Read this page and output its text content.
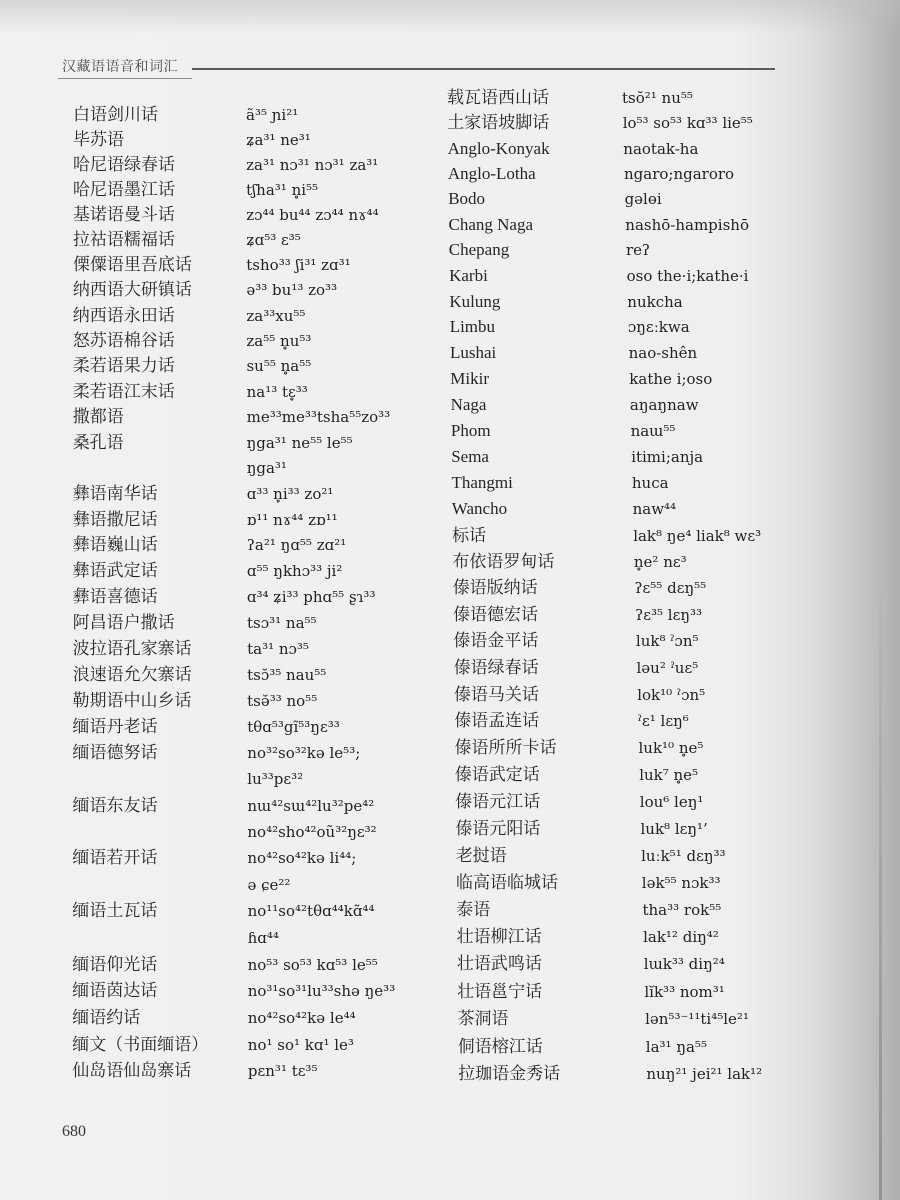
汉藏语语音和词汇
白语剑川话	ã³⁵ ɲi²¹
毕苏语	ʑa³¹ ne³¹
哈尼语绿春话	za³¹ nɔ³¹ nɔ³¹ za³¹
哈尼语墨江话	tʃha³¹ n̥i⁵⁵
基诺语曼斗话	zɔ⁴⁴ bu⁴⁴ zɔ⁴⁴ nɤ⁴⁴
拉祜语糯福话	ʑɑ⁵³ ɛ³⁵
傈僳语里吾底话	tsho³³ ʃi³¹ zɑ³¹
纳西语大研镇话	ə³³ bu¹³ zo³³
纳西语永田话	za³³xu⁵⁵
怒苏语棉谷话	za⁵⁵ n̥u⁵³
柔若语果力话	su⁵⁵ n̥a⁵⁵
柔若语江末话	na¹³ tɛ̥³³
撒都语	me³³me³³tsha⁵⁵zo³³
桑孔语	ŋga³¹ ne⁵⁵ le⁵⁵
ŋga³¹
彝语南华话	ɑ³³ n̥i³³ zo²¹
彝语撒尼话	ɒ¹¹ nɤ⁴⁴ zɒ¹¹
彝语巍山话	ʔa²¹ ŋɑ⁵⁵ zɑ²¹
彝语武定话	ɑ⁵⁵ ŋkhɔ³³ ji²
彝语喜德话	ɑ³⁴ ʑi³³ phɑ⁵⁵ ʂɿ³³
阿昌语户撒话	tsɔ³¹ na⁵⁵
波拉语孔家寨话	ta³¹ nɔ³⁵
浪速语允欠寨话	tsɔ̆³⁵ nau⁵⁵
勒期语中山乡话	tsə̆³³ no⁵⁵
缅语丹老话	tθɑ⁵³gĩ⁵³ŋɛ³³
缅语德努话	no³²so³²kə le⁵³;
lu³³pɛ³²
缅语东友话	nɯ⁴²sɯ⁴²lu³²pe⁴²
no⁴²sho⁴²oũ³²ŋɛ³²
缅语若开话	no⁴²so⁴²kə li⁴⁴;
ə ɕe²²
缅语土瓦话	no¹¹so⁴²tθɑ⁴⁴kɑ̃⁴⁴
ɦɑ⁴⁴
缅语仰光话	no⁵³ so⁵³ kɑ⁵³ le⁵⁵
缅语茵达话	no³¹so³¹lu³³shə ŋe³³
缅语约话	no⁴²so⁴²kə le⁴⁴
缅文（书面缅语）	no¹ so¹ kɑ¹ le³
仙岛语仙岛寨话	pɛn³¹ tɛ³⁵
载瓦语西山话	tsŏ²¹ nu⁵⁵
土家语坡脚话	lo⁵³ so⁵³ kɑ³³ lie⁵⁵
Anglo-Konyak	naotak-ha
Anglo-Lotha	ngaro;ngaroro
Bodo	gəlɵi
Chang Naga	nashō-hampishō
Chepang	reʔ
Karbi	oso the·i;kathe·i
Kulung	nukcha
Limbu	ɔŋɛːkwa
Lushai	nao-shên
Mikir	kathe i;oso
Naga	aŋaŋnaw
Phom	naɯ⁵⁵
Sema	itimi;anja
Thangmi	huca
Wancho	naw⁴⁴
标话	lak⁸ ŋe⁴ liak⁸ wɛ³
布依语罗甸话	n̥e² nɛ³
傣语版纳话	ʔɛ⁵⁵ dɛŋ⁵⁵
傣语德宏话	ʔɛ³⁵ lɛŋ³³
傣语金平话	luk⁸ ˀɔn⁵
傣语绿春话	ləu² ˀuɛ⁵
傣语马关话	lok¹⁰ ˀɔn⁵
傣语孟连话	ˀɛ¹ lɛŋ⁶
傣语所所卡话	luk¹⁰ n̥e⁵
傣语武定话	luk⁷ n̥e⁵
傣语元江话	lou⁶ leŋ¹
傣语元阳话	luk⁸ lɛŋ¹’
老挝语	luːk⁵¹ dɛŋ³³
临高语临城话	lək⁵⁵ nɔk³³
泰语	tha³³ rok⁵⁵
壮语柳江话	lak¹² diŋ⁴²
壮语武鸣话	lɯk³³ diŋ²⁴
壮语邕宁话	lĭk³³ nom³¹
茶洞语	lən⁵³⁻¹¹ti⁴⁵le²¹
侗语榕江话	la³¹ ŋa⁵⁵
拉珈语金秀话	nuŋ²¹ jei²¹ lak¹²
680
